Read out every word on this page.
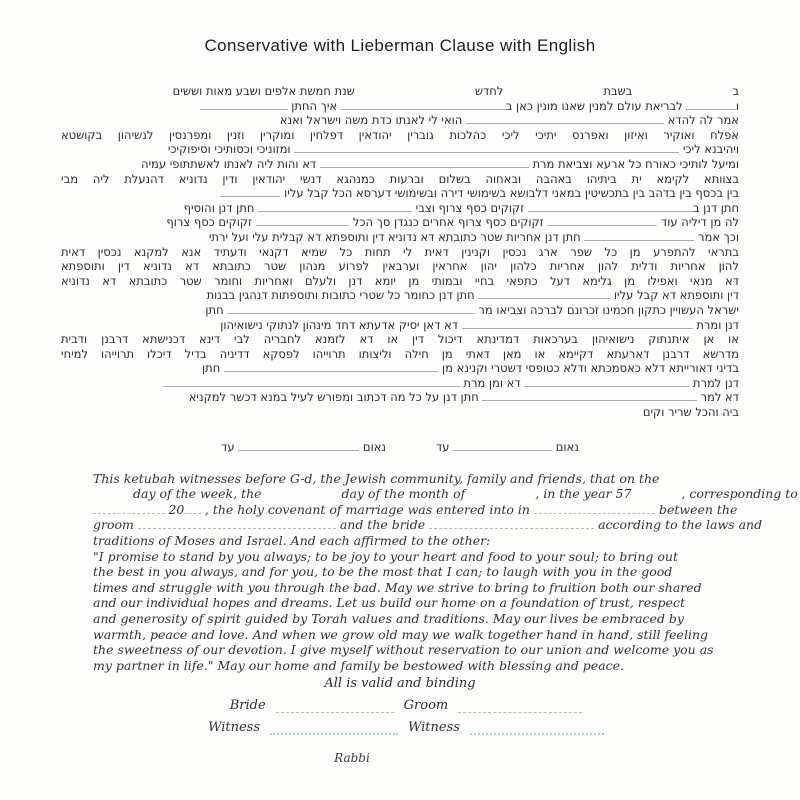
Conservative with Lieberman Clause with English
בבשבתלחדששנת חמשת אלפים ושבע מאות וששים
ו לבריאת עולם למנין שאנו מונין כאן ב איך החתן
אמר לה להדא  הואי לי לאנתו כדת משה וישראל ואנא
אפלח ואוקיר ואיזון ואפרנס יתיכי ליכי כהלכות גוברין יהודאין דפלחין ומוקרין וזנין ומפרנסין לנשיהון בקושטא
ויהיבנא ליכי  ומזוניכי וכסותיכי וסיפוקיכי
ומיעל לותיכי כאורח כל ארעא וצביאת מרת  דא והות ליה לאנתו לאשתתופי עמיה
בצוותא לקימא ית ביתיהו באהבה ובאחוה בשלום וברעות כמנהגא דנשי יהודאין ודין נדוניא דהנעלת ליה מבי
בין בכסף בין בדהב בין בתכשיטין במאני דלבושא בשימושי דירה ובשימושי דערסא הכל קבל עליו
חתן דנן ב זקוקים כסף צרוף וצבי  חתן דנן והוסיף
לה מן דיליה עוד  זקוקים כסף צרוף אחרים כנגדן סך הכל  זקוקים כסף צרוף
וכך אמר  חתן דנן אחריות שטר כתובתא דא נדוניא דין ותוספתא דא קבלית עלי ועל ירתי
בתראי להתפרע מן כל שפר ארג נכסין וקנינין דאית לי תחות כל שמיא דקנאי ודעתיד אנא למקנא נכסין דאית
להון אחריות ודלית להון אחריות כלהון יהון אחראין וערבאין לפרוע מנהון שטר כתובתא דא נדוניא דין ותוספתא
דא מנאי ואפילו מן גלימא דעל כתפאי בחיי ובמותי מן יומא דנן ולעלם ואחריות וחומר שטר כתובתא דא נדוניא
דין ותוספתא דא קבל עליו  חתן דנן כחומר כל שטרי כתובות ותוספתות דנהגין בבנות
ישראל העשויין כתקון חכמינו זכרונם לברכה וצביאו מר  חתן
דנן ומרת  דא דאן יסיק אדעתא דחד מינהון לנתוקי נישואיהון
או אן איתנתוק נישואיהון בערכאות דמדינתא דיכול דין או דא לזמנא לחבריה לבי דינא דכנישתא דרבנן ודבית
מדרשא דרבנן דארעתא דקיימא או מאן דאתי מן חילה וליצותו תרוייהו לפסקא דדיניה בדיל דיכלו תרוייהו למיחי
בדיני דאורייתא דלא כאסמכתא ודלא כטופסי דשטרי וקנינא מן  חתן
דנן למרת  דא ומן מרת
דא למר  חתן דנן על כל מה דכתוב ומפורש לעיל במנא דכשר למקניא
ביה והכל שריר וקים
נאום  עדנאום  עד
This ketubah witnesses before G-d, the Jewish community, family and friends, that on the
day of the week, the	day of the month of	, in the year 57	, corresponding to
20 , the holy covenant of marriage was entered into in	between the
groom	and the bride	according to the laws and
traditions of Moses and Israel. And each affirmed to the other:
"I promise to stand by you always; to be joy to your heart and food to your soul; to bring out
the best in you always, and for you, to be the most that I can; to laugh with you in the good
times and struggle with you through the bad. May we strive to bring to fruition both our shared
and our individual hopes and dreams. Let us build our home on a foundation of trust, respect
and generosity of spirit guided by Torah values and traditions. May our lives be embraced by
warmth, peace and love. And when we grow old may we walk together hand in hand, still feeling
the sweetness of our devotion. I give myself without reservation to our union and welcome you as
my partner in life." May our home and family be bestowed with blessing and peace.
All is valid and binding
Bride	Groom
Witness	Witness
Rabbi
